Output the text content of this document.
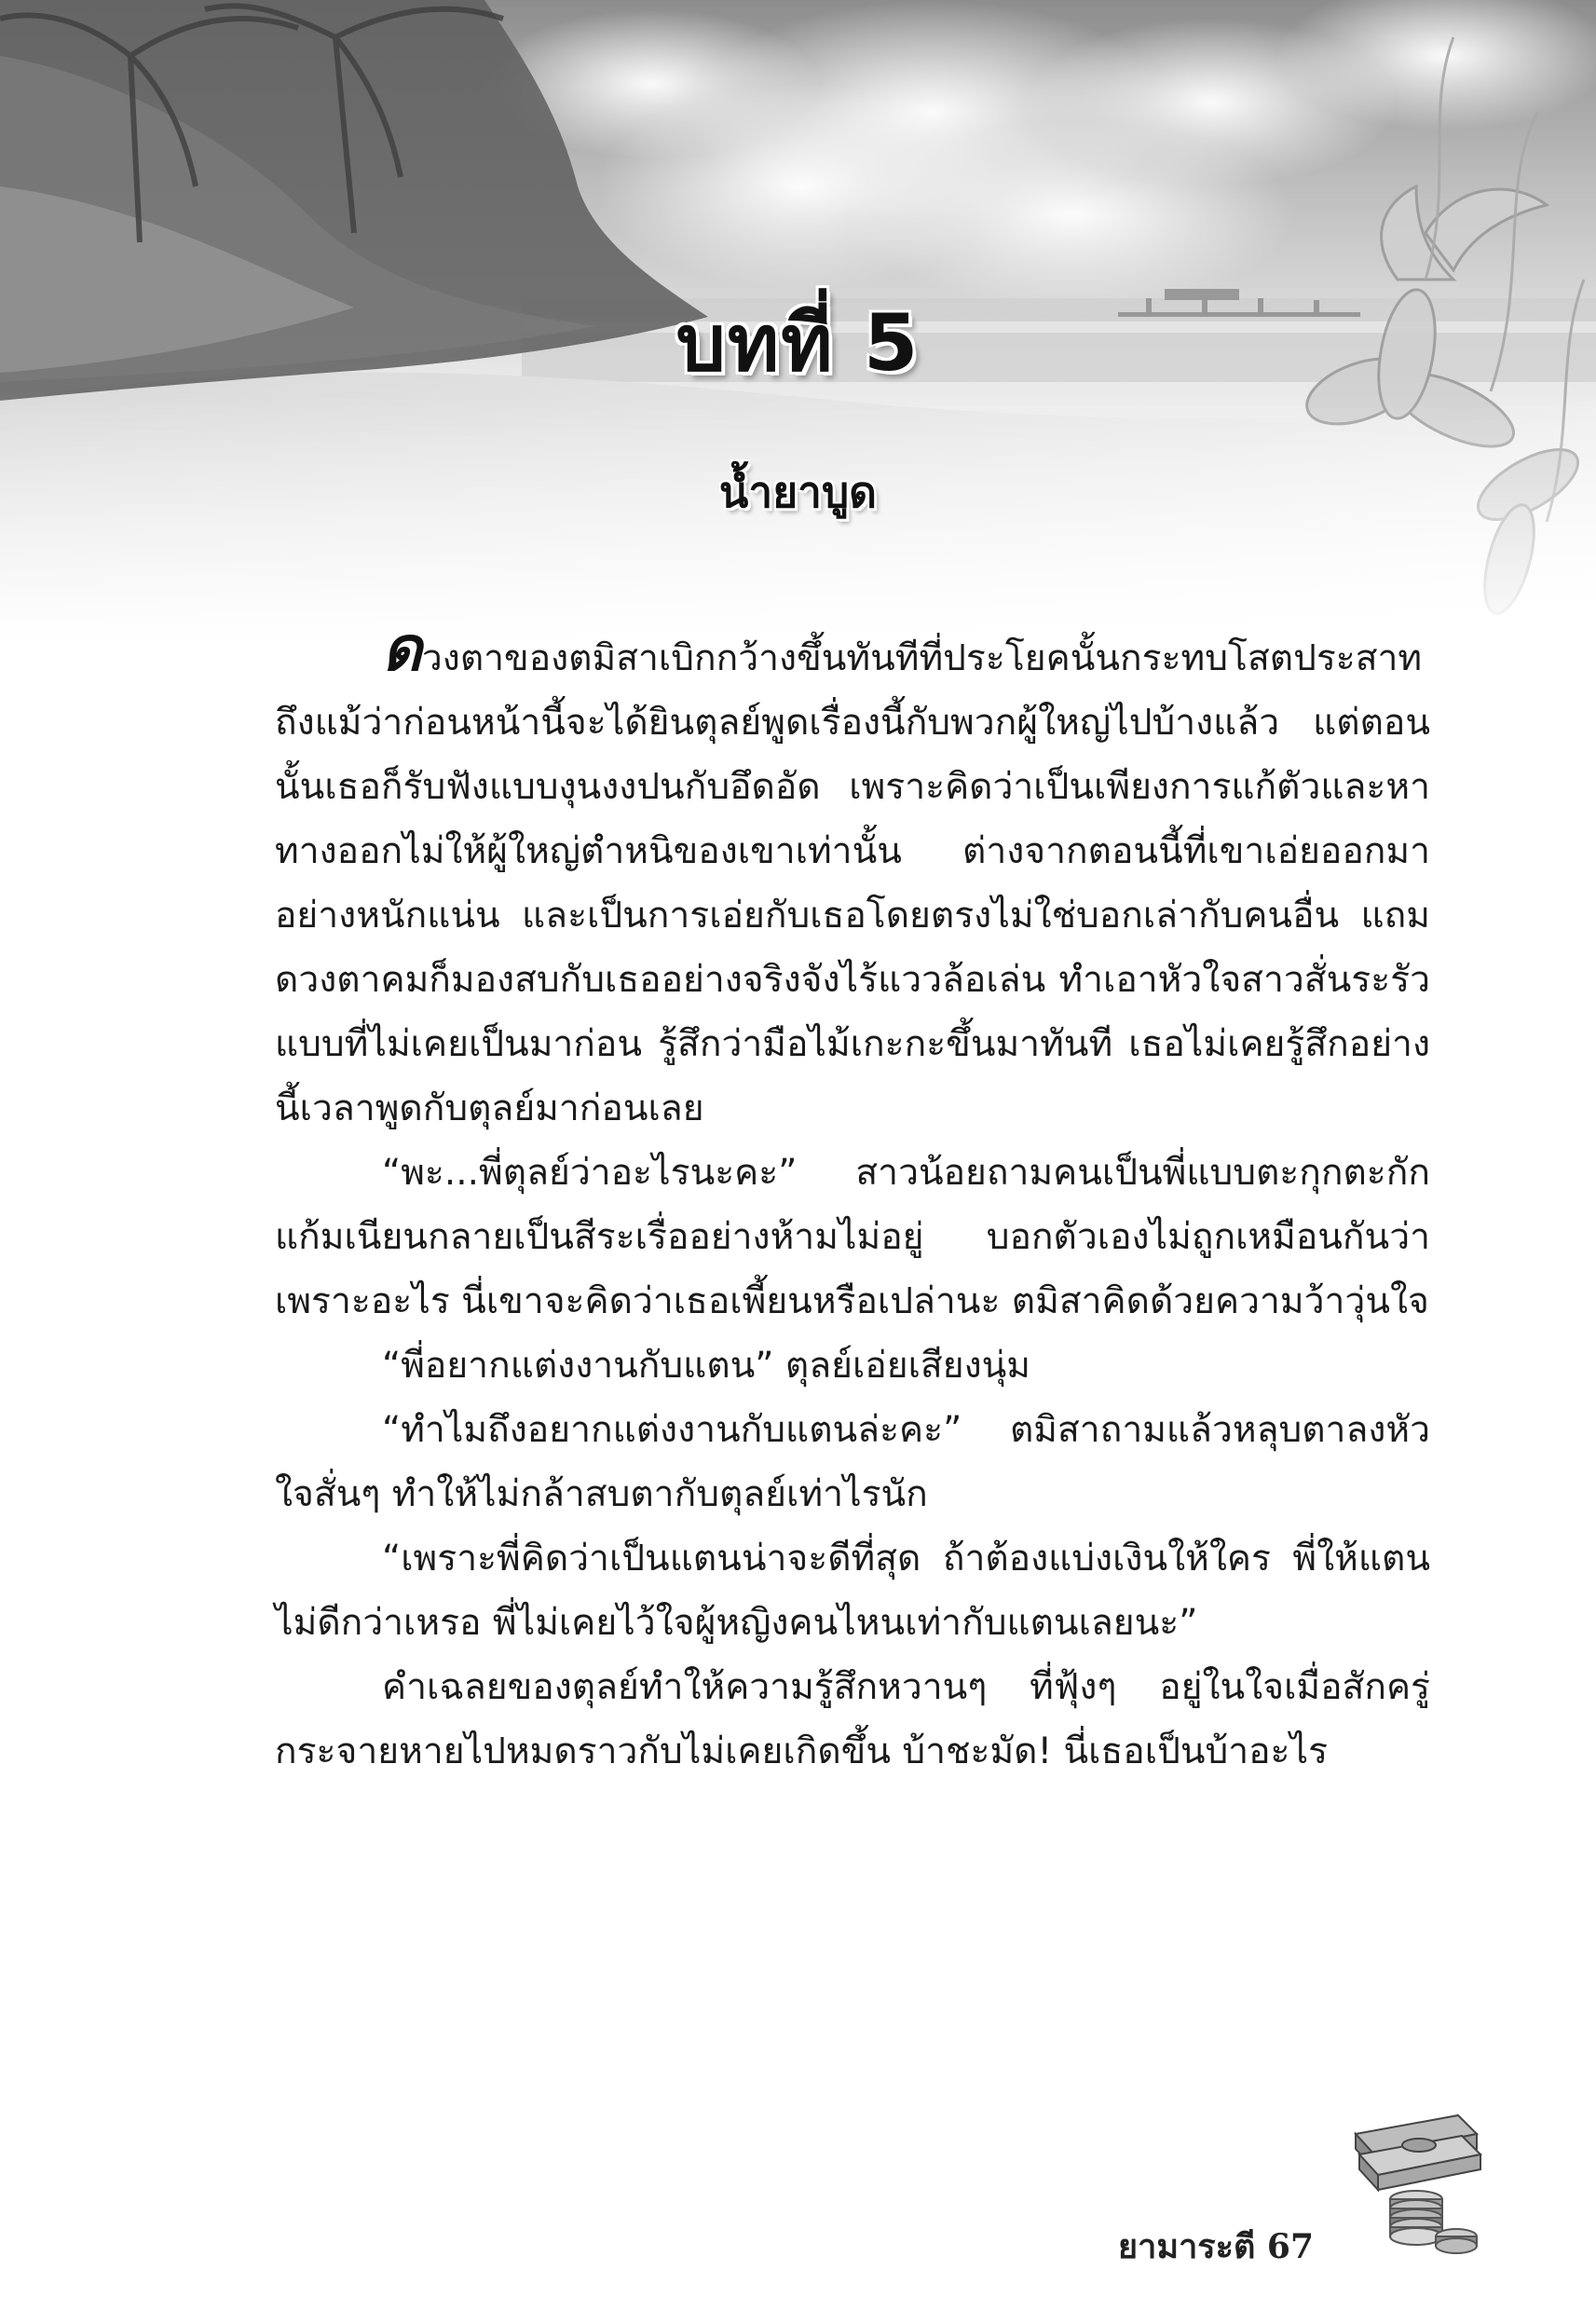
บทที่ 5
น้ำยาบูด

ดวงตาของตมิสาเบิกกว้างขึ้นทันทีที่ประโยคนั้นกระทบโสตประสาท ถึงแม้ว่าก่อนหน้านี้จะได้ยินตุลย์พูดเรื่องนี้กับพวกผู้ใหญ่ไปบ้างแล้ว แต่ตอนนั้นเธอก็รับฟังแบบงุนงงปนกับอึดอัด เพราะคิดว่าเป็นเพียงการแก้ตัวและหาทางออกไม่ให้ผู้ใหญ่ตำหนิของเขาเท่านั้น ต่างจากตอนนี้ที่เขาเอ่ยออกมาอย่างหนักแน่น และเป็นการเอ่ยกับเธอโดยตรงไม่ใช่บอกเล่ากับคนอื่น แถมดวงตาคมก็มองสบกับเธออย่างจริงจังไร้แววล้อเล่น ทำเอาหัวใจสาวสั่นระรัวแบบที่ไม่เคยเป็นมาก่อน รู้สึกว่ามือไม้เกะกะขึ้นมาทันที เธอไม่เคยรู้สึกอย่างนี้เวลาพูดกับตุลย์มาก่อนเลย

“พะ...พี่ตุลย์ว่าอะไรนะคะ” สาวน้อยถามคนเป็นพี่แบบตะกุกตะกัก แก้มเนียนกลายเป็นสีระเรื่ออย่างห้ามไม่อยู่ บอกตัวเองไม่ถูกเหมือนกันว่าเพราะอะไร นี่เขาจะคิดว่าเธอเพี้ยนหรือเปล่านะ ตมิสาคิดด้วยความว้าวุ่นใจ

“พี่อยากแต่งงานกับแตน” ตุลย์เอ่ยเสียงนุ่ม

“ทำไมถึงอยากแต่งงานกับแตนล่ะคะ” ตมิสาถามแล้วหลุบตาลงหัวใจสั่นๆ ทำให้ไม่กล้าสบตากับตุลย์เท่าไรนัก

“เพราะพี่คิดว่าเป็นแตนน่าจะดีที่สุด ถ้าต้องแบ่งเงินให้ใคร พี่ให้แตนไม่ดีกว่าเหรอ พี่ไม่เคยไว้ใจผู้หญิงคนไหนเท่ากับแตนเลยนะ”

คำเฉลยของตุลย์ทำให้ความรู้สึกหวานๆ ที่ฟุ้งๆ อยู่ในใจเมื่อสักครู่กระจายหายไปหมดราวกับไม่เคยเกิดขึ้น บ้าชะมัด! นี่เธอเป็นบ้าอะไร

ยามาระตี 67
